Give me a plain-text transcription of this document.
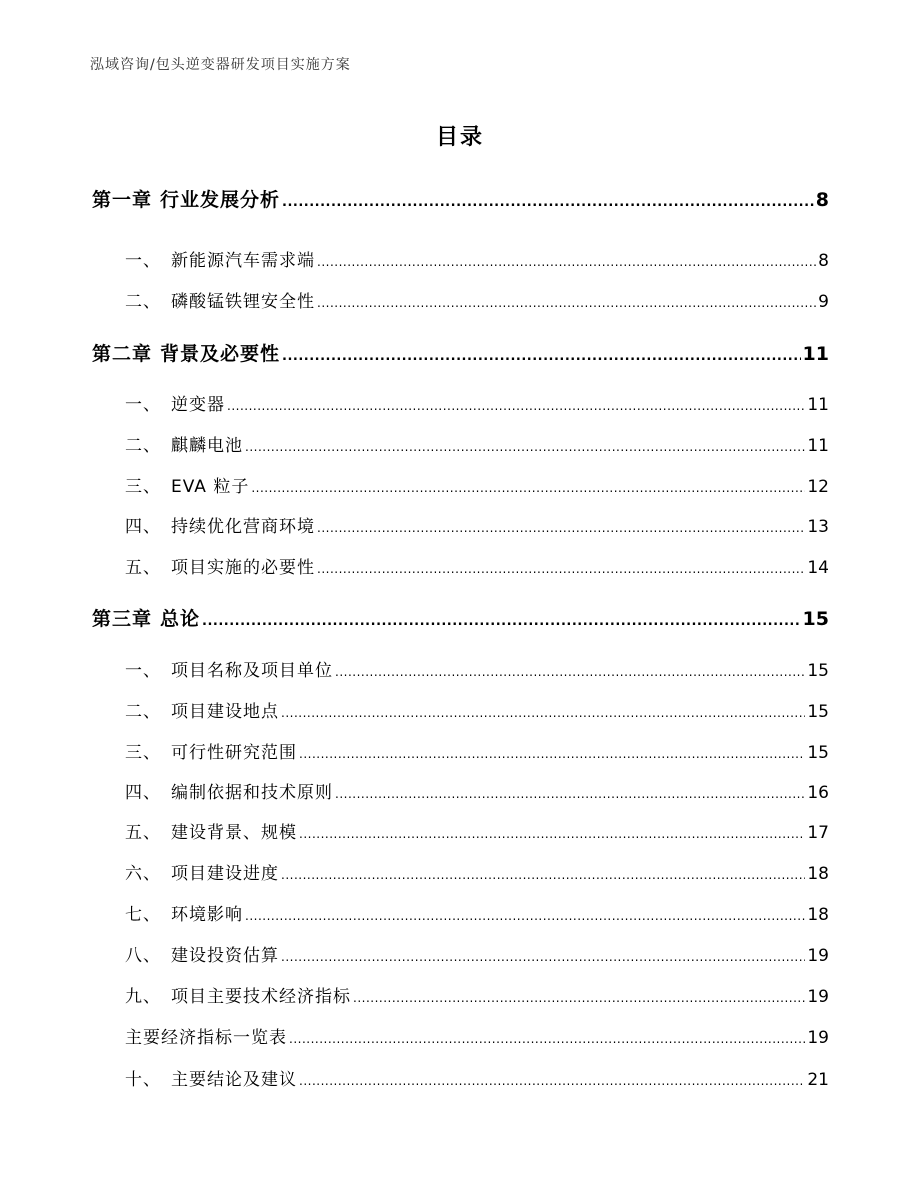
泓域咨询/包头逆变器研发项目实施方案
目录
第一章 行业发展分析 .....	8
一、 新能源汽车需求端 .....	8
二、 磷酸锰铁锂安全性 .....	9
第二章 背景及必要性 .....	11
一、 逆变器 .....	11
二、 麒麟电池 .....	11
三、 EVA 粒子 .....	12
四、 持续优化营商环境 .....	13
五、 项目实施的必要性 .....	14
第三章 总论 .....	15
一、 项目名称及项目单位 .....	15
二、 项目建设地点 .....	15
三、 可行性研究范围 .....	15
四、 编制依据和技术原则 .....	16
五、 建设背景、规模 .....	17
六、 项目建设进度 .....	18
七、 环境影响 .....	18
八、 建设投资估算 .....	19
九、 项目主要技术经济指标 .....	19
主要经济指标一览表 .....	19
十、 主要结论及建议 .....	21
